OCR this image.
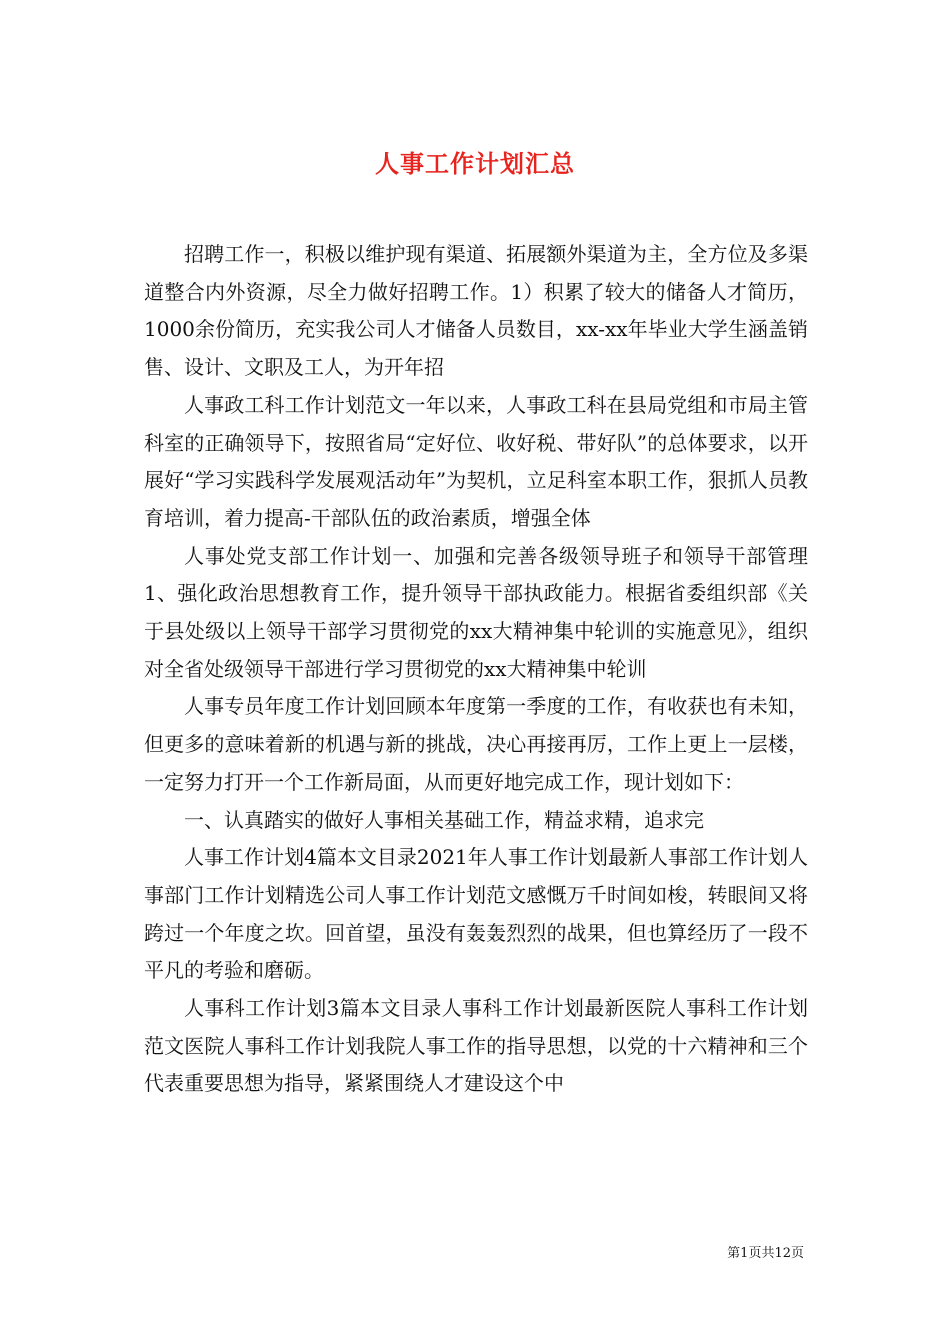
人事工作计划汇总

招聘工作一，积极以维护现有渠道、拓展额外渠道为主，全方位及多渠道整合内外资源，尽全力做好招聘工作。1）积累了较大的储备人才简历，1000余份简历，充实我公司人才储备人员数目，xx-xx年毕业大学生涵盖销售、设计、文职及工人，为开年招

人事政工科工作计划范文一年以来，人事政工科在县局党组和市局主管科室的正确领导下，按照省局“定好位、收好税、带好队”的总体要求，以开展好“学习实践科学发展观活动年”为契机，立足科室本职工作，狠抓人员教育培训，着力提高-干部队伍的政治素质，增强全体

人事处党支部工作计划一、加强和完善各级领导班子和领导干部管理1、强化政治思想教育工作，提升领导干部执政能力。根据省委组织部《关于县处级以上领导干部学习贯彻党的xx大精神集中轮训的实施意见》，组织对全省处级领导干部进行学习贯彻党的xx大精神集中轮训

人事专员年度工作计划回顾本年度第一季度的工作，有收获也有未知，但更多的意味着新的机遇与新的挑战，决心再接再厉，工作上更上一层楼，一定努力打开一个工作新局面，从而更好地完成工作，现计划如下：

一、认真踏实的做好人事相关基础工作，精益求精，追求完

人事工作计划4篇本文目录2021年人事工作计划最新人事部工作计划人事部门工作计划精选公司人事工作计划范文感慨万千时间如梭，转眼间又将跨过一个年度之坎。回首望，虽没有轰轰烈烈的战果，但也算经历了一段不平凡的考验和磨砺。

人事科工作计划3篇本文目录人事科工作计划最新医院人事科工作计划范文医院人事科工作计划我院人事工作的指导思想，以党的十六精神和三个代表重要思想为指导，紧紧围绕人才建设这个中

第1页共12页
